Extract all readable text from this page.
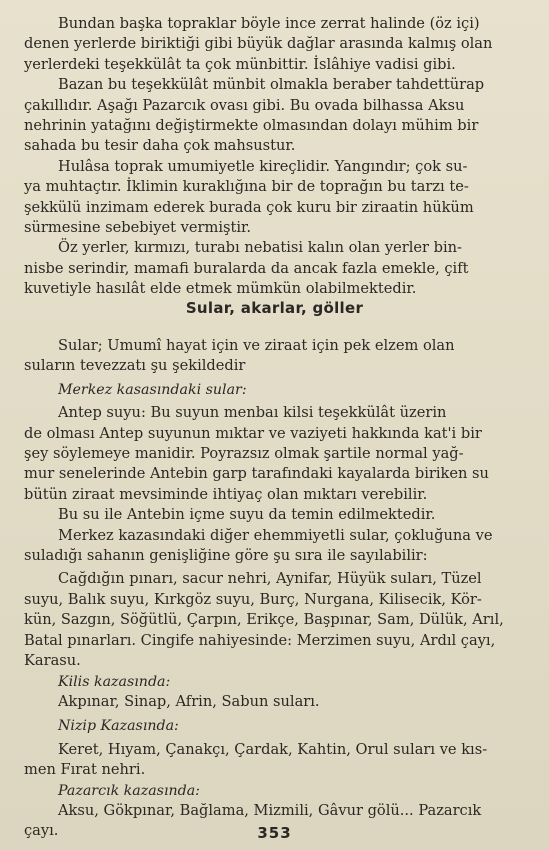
Bundan başka topraklar böyle ince zerrat halinde (öz içi)
denen yerlerde biriktiği gibi büyük dağlar arasında kalmış olan
yerlerdeki teşekkülât ta çok münbittir. İslâhiye vadisi gibi.

Bazan bu teşekkülât münbit olmakla beraber tahdettürap
çakıllıdır. Aşağı Pazarcık ovası gibi. Bu ovada bilhassa Aksu
nehrinin yatağını değiştirmekte olmasından dolayı mühim bir
sahada bu tesir daha çok mahsustur.

Hulâsa toprak umumiyetle kireçlidir. Yangındır; çok su-
ya muhtaçtır. İklimin kuraklığına bir de toprağın bu tarzı te-
şekkülü inzimam ederek burada çok kuru bir ziraatin hüküm
sürmesine sebebiyet vermiştir.

Öz yerler, kırmızı, turabı nebatisi kalın olan yerler bin-
nisbe serindir, mamafi buralarda da ancak fazla emekle, çift
kuvetiyle hasılât elde etmek mümkün olabilmektedir.

Sular, akarlar, göller

Sular; Umumî hayat için ve ziraat için pek elzem olan
suların tevezzatı şu şekildedir

Merkez kasasındaki sular:

Antep suyu: Bu suyun menbaı kilsi teşekkülât üzerin
de olması Antep suyunun mıktar ve vaziyeti hakkında kat'i bir
şey söylemeye manidir. Poyrazsız olmak şartile normal yağ-
mur senelerinde Antebin garp tarafındaki kayalarda biriken su
bütün ziraat mevsiminde ihtiyaç olan mıktarı verebilir.
Bu su ile Antebin içme suyu da temin edilmektedir.
Merkez kazasındaki diğer ehemmiyetli sular, çokluğuna ve
suladığı sahanın genişliğine göre şu sıra ile sayılabilir:

Cağdığın pınarı, sacur nehri, Aynifar, Hüyük suları, Tüzel
suyu, Balık suyu, Kırkgöz suyu, Burç, Nurgana, Kilisecik, Kör-
kün, Sazgın, Söğütlü, Çarpın, Erikçe, Başpınar, Sam, Dülük, Arıl,
Batal pınarları. Cingife nahiyesinde: Merzimen suyu, Ardıl çayı,
Karasu.

Kilis kazasında:

Akpınar, Sinap, Afrin, Sabun suları.

Nizip Kazasında:

Keret, Hıyam, Çanakçı, Çardak, Kahtin, Orul suları ve kıs-
men Fırat nehri.

Pazarcık kazasında:

Aksu, Gökpınar, Bağlama, Mizmili, Gâvur gölü... Pazarcık
çayı.	353
